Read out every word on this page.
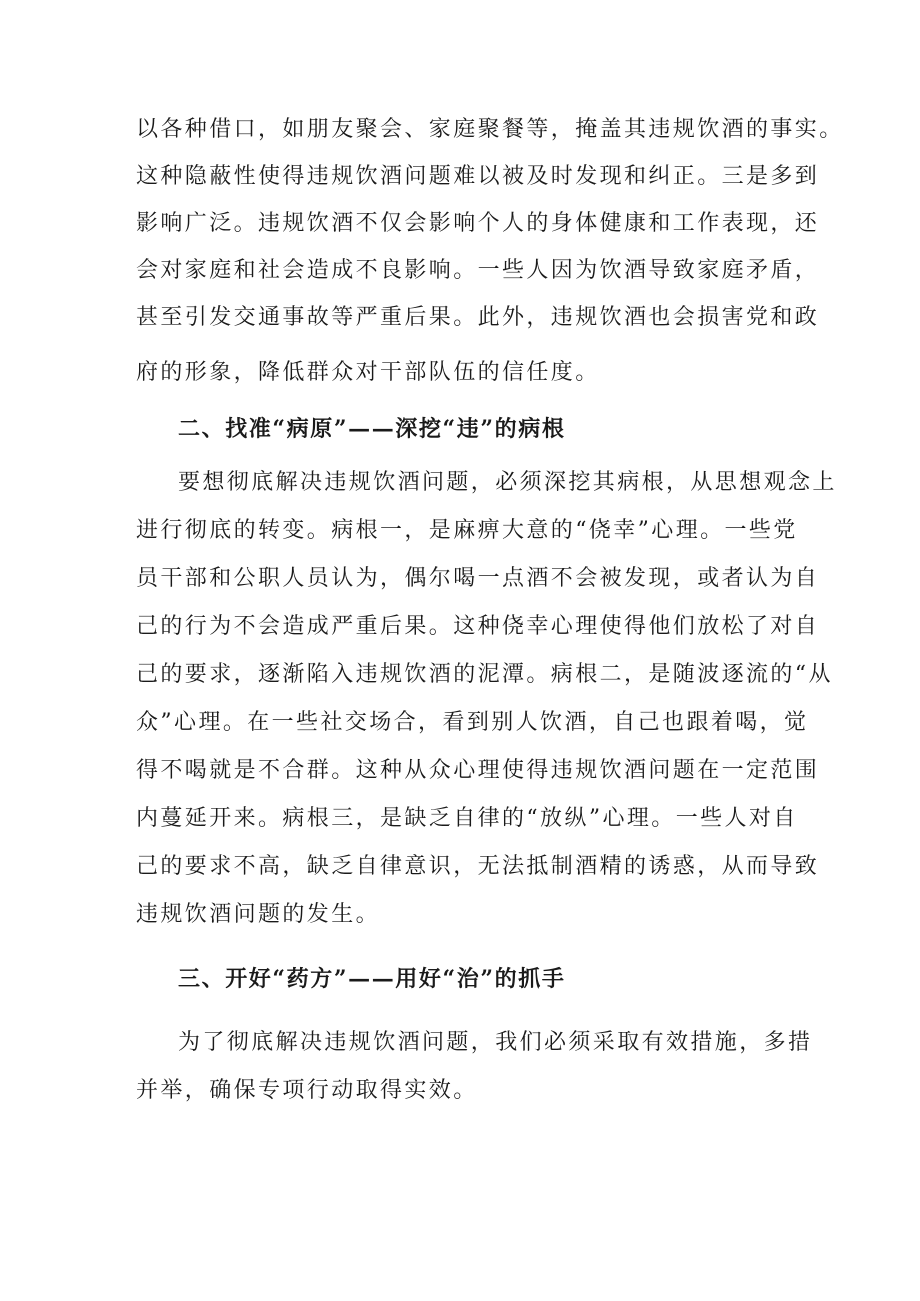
以各种借口，如朋友聚会、家庭聚餐等，掩盖其违规饮酒的事实。

这种隐蔽性使得违规饮酒问题难以被及时发现和纠正。三是多到

影响广泛。违规饮酒不仅会影响个人的身体健康和工作表现，还

会对家庭和社会造成不良影响。一些人因为饮酒导致家庭矛盾，

甚至引发交通事故等严重后果。此外，违规饮酒也会损害党和政

府的形象，降低群众对干部队伍的信任度。

二、找准“病原”——深挖“违”的病根

要想彻底解决违规饮酒问题，必须深挖其病根，从思想观念上

进行彻底的转变。病根一，是麻痹大意的“侥幸”心理。一些党

员干部和公职人员认为，偶尔喝一点酒不会被发现，或者认为自

己的行为不会造成严重后果。这种侥幸心理使得他们放松了对自

己的要求，逐渐陷入违规饮酒的泥潭。病根二，是随波逐流的“从

众”心理。在一些社交场合，看到别人饮酒，自己也跟着喝，觉

得不喝就是不合群。这种从众心理使得违规饮酒问题在一定范围

内蔓延开来。病根三，是缺乏自律的“放纵”心理。一些人对自

己的要求不高，缺乏自律意识，无法抵制酒精的诱惑，从而导致

违规饮酒问题的发生。

三、开好“药方”——用好“治”的抓手

为了彻底解决违规饮酒问题，我们必须采取有效措施，多措

并举，确保专项行动取得实效。
